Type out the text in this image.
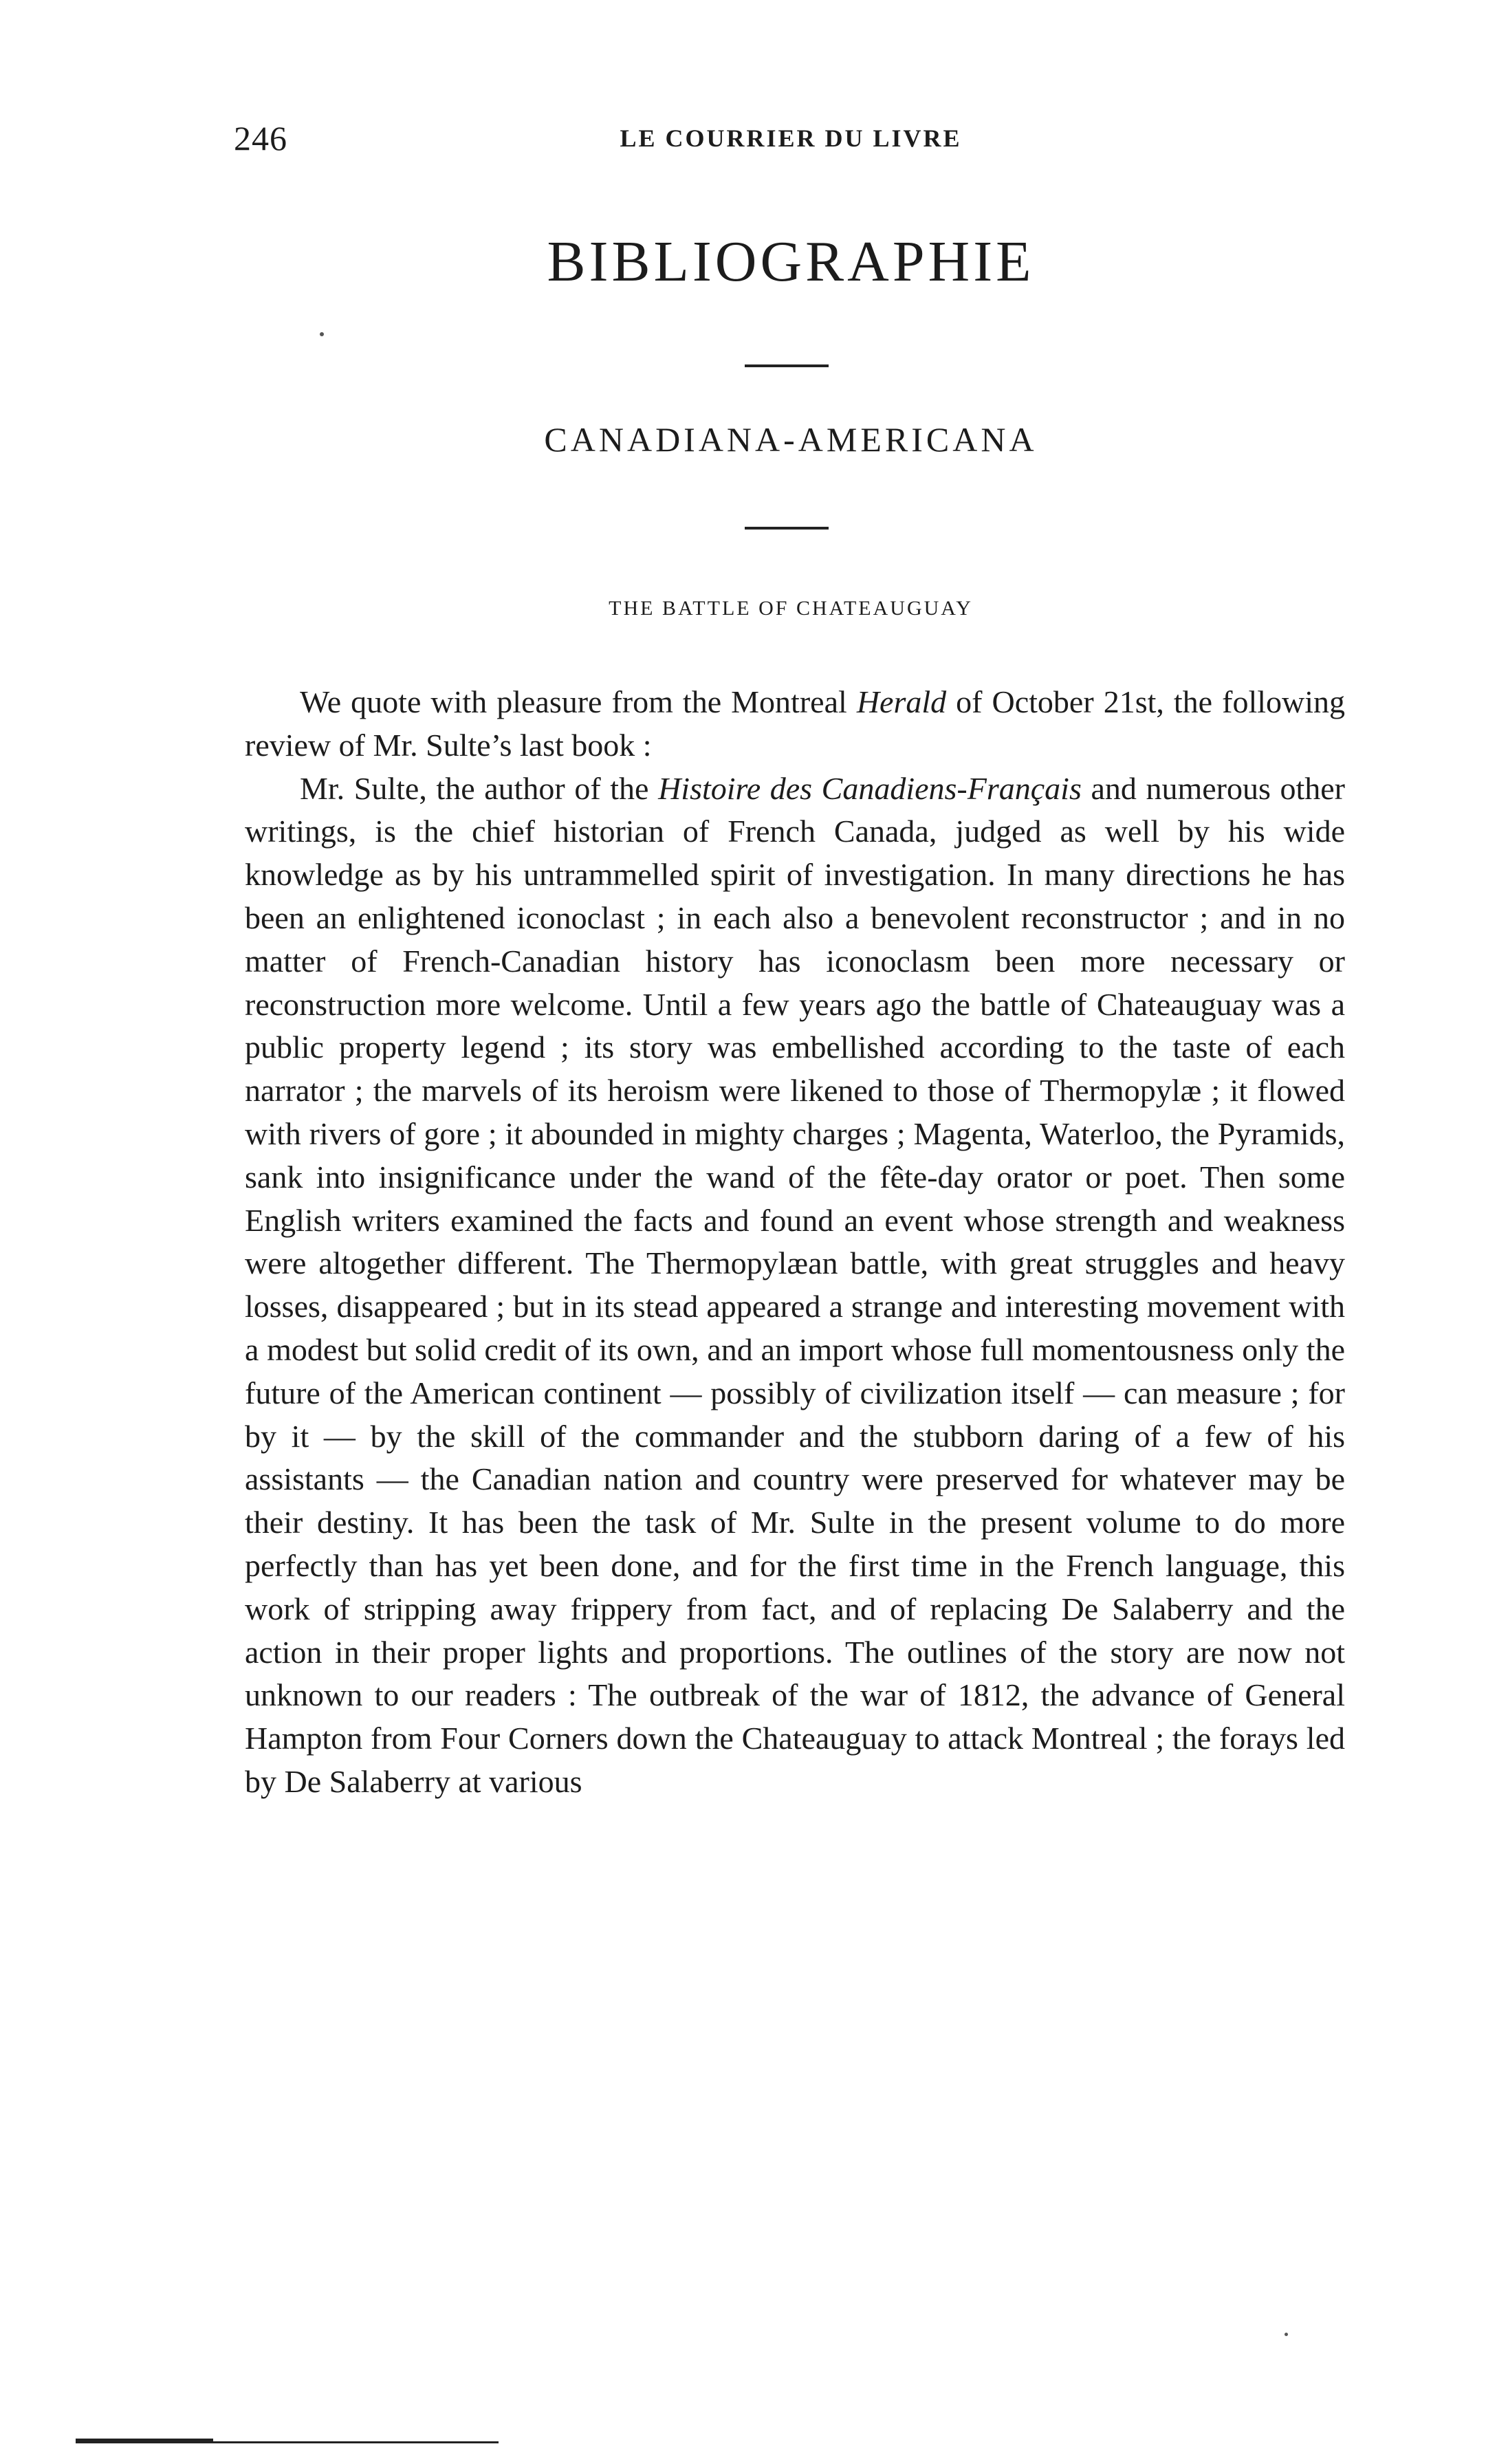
246	LE COURRIER DU LIVRE
BIBLIOGRAPHIE
CANADIANA-AMERICANA
THE BATTLE OF CHATEAUGUAY

We quote with pleasure from the Montreal Herald of October 21st, the following review of Mr. Sulte’s last book :

Mr. Sulte, the author of the Histoire des Canadiens-Français and numerous other writings, is the chief historian of French Canada, judged as well by his wide knowledge as by his untrammelled spirit of investigation. In many directions he has been an enlightened iconoclast ; in each also a benevolent reconstructor ; and in no matter of French-Canadian history has iconoclasm been more necessary or reconstruction more welcome. Until a few years ago the battle of Chateauguay was a public property legend ; its story was embellished according to the taste of each narrator ; the marvels of its heroism were likened to those of Thermopylæ ; it flowed with rivers of gore ; it abounded in mighty charges ; Magenta, Waterloo, the Pyramids, sank into insignificance under the wand of the fête-day orator or poet. Then some English writers examined the facts and found an event whose strength and weakness were altogether different. The Thermopylæan battle, with great struggles and heavy losses, disappeared ; but in its stead appeared a strange and interesting movement with a modest but solid credit of its own, and an import whose full momentousness only the future of the American continent — possibly of civilization itself — can measure ; for by it — by the skill of the commander and the stubborn daring of a few of his assistants — the Canadian nation and country were preserved for whatever may be their destiny. It has been the task of Mr. Sulte in the present volume to do more perfectly than has yet been done, and for the first time in the French language, this work of stripping away frippery from fact, and of replacing De Salaberry and the action in their proper lights and proportions. The outlines of the story are now not unknown to our readers : The outbreak of the war of 1812, the advance of General Hampton from Four Corners down the Chateauguay to attack Montreal ; the forays led by De Salaberry at various
